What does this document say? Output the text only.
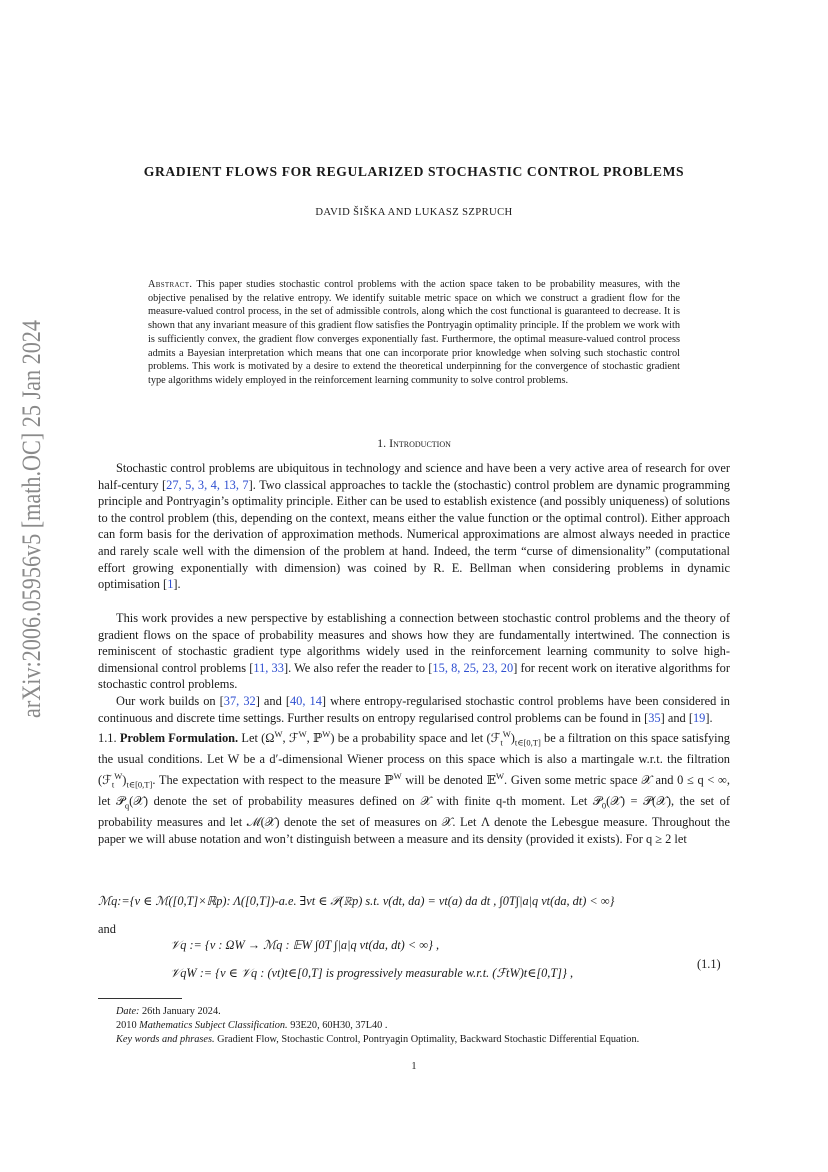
arXiv:2006.05956v5 [math.OC] 25 Jan 2024
GRADIENT FLOWS FOR REGULARIZED STOCHASTIC CONTROL PROBLEMS
DAVID ŠIŠKA AND LUKASZ SZPRUCH
Abstract. This paper studies stochastic control problems with the action space taken to be probability measures, with the objective penalised by the relative entropy. We identify suitable metric space on which we construct a gradient flow for the measure-valued control process, in the set of admissible controls, along which the cost functional is guaranteed to decrease. It is shown that any invariant measure of this gradient flow satisfies the Pontryagin optimality principle. If the problem we work with is sufficiently convex, the gradient flow converges exponentially fast. Furthermore, the optimal measure-valued control process admits a Bayesian interpretation which means that one can incorporate prior knowledge when solving such stochastic control problems. This work is motivated by a desire to extend the theoretical underpinning for the convergence of stochastic gradient type algorithms widely employed in the reinforcement learning community to solve control problems.
1. Introduction

Stochastic control problems are ubiquitous in technology and science and have been a very active area of research for over half-century [27, 5, 3, 4, 13, 7]. Two classical approaches to tackle the (stochastic) control problem are dynamic programming principle and Pontryagin’s optimality principle. Either can be used to establish existence (and possibly uniqueness) of solutions to the control problem (this, depending on the context, means either the value function or the optimal control). Either approach can form basis for the derivation of approximation methods. Numerical approximations are almost always needed in practice and rarely scale well with the dimension of the problem at hand. Indeed, the term “curse of dimensionality” (computational effort growing exponentially with dimension) was coined by R. E. Bellman when considering problems in dynamic optimisation [1].

This work provides a new perspective by establishing a connection between stochastic control problems and the theory of gradient flows on the space of probability measures and shows how they are fundamentally intertwined. The connection is reminiscent of stochastic gradient type algorithms widely used in the reinforcement learning community to solve high-dimensional control problems [11, 33]. We also refer the reader to [15, 8, 25, 23, 20] for recent work on iterative algorithms for stochastic control problems.

Our work builds on [37, 32] and [40, 14] where entropy-regularised stochastic control problems have been considered in continuous and discrete time settings. Further results on entropy regularised control problems can be found in [35] and [19].

1.1. Problem Formulation. Let ($\Omega^W$, ℱ$^W$, ℙ$^W$) be a probability space and let $(ℱ_t^W)_{t\in[0,T]}$ be a filtration on this space satisfying the usual conditions. Let W be a d′-dimensional Wiener process on this space which is also a martingale w.r.t. the filtration $(ℱ_t^W)_{t\in[0,T]}$. The expectation with respect to the measure ℙ$^W$ will be denoted 𝔼$^W$. Given some metric space 𝒳 and 0 ≤ q < ∞, let 𝒫$_q$(𝒳) denote the set of probability measures defined on 𝒳 with finite q-th moment. Let 𝒫$_0$(𝒳) = 𝒫(𝒳), the set of probability measures and let ℳ(𝒳) denote the set of measures on 𝒳. Let Λ denote the Lebesgue measure. Throughout the paper we will abuse notation and won’t distinguish between a measure and its density (provided it exists). For q ≥ 2 let

ℳq:={ν ∈ ℳ([0,T]×ℝp): Λ([0,T])-a.e. ∃νt ∈ 𝒫(ℝp) s.t. ν(dt, da) = νt(a) da dt , ∫0T∫|a|q νt(da, dt) < ∞}
and
𝒱q := {ν : ΩW → ℳq : 𝔼W ∫0T ∫|a|q νt(da, dt) < ∞} ,
𝒱qW := {ν ∈ 𝒱q : (νt)t∈[0,T] is progressively measurable w.r.t. (ℱtW)t∈[0,T]} ,
(1.1)
Date: 26th January 2024.
2010 Mathematics Subject Classification. 93E20, 60H30, 37L40 .
Key words and phrases. Gradient Flow, Stochastic Control, Pontryagin Optimality, Backward Stochastic Differential Equation.
1
